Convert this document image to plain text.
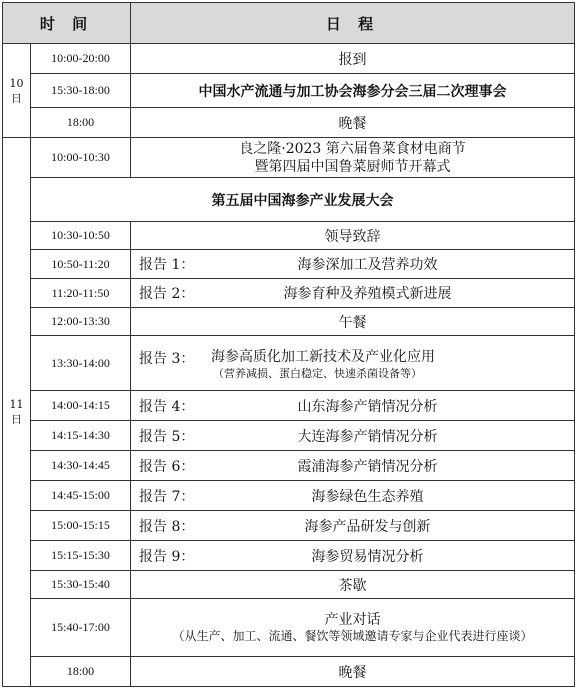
时 间		日 程
10
日	10:00-20:00	报到
	15:30-18:00	中国水产流通与加工协会海参分会三届二次理事会
	18:00	晚餐
11
日	10:00-10:30	良之隆·2023 第六届鲁菜食材电商节
暨第四届中国鲁菜厨师节开幕式

	第五届中国海参产业发展大会	
	10:30-10:50	领导致辞
	10:50-11:20	报告 1： 海参深加工及营养功效

	11:20-11:50	报告 2： 海参育种及养殖模式新进展

	12:00-13:30	午餐
	13:30-14:00	报告 3： 海参高质化加工新技术及产业化应用
（营养减损、蛋白稳定、快速杀菌设备等）

	14:00-14:15	报告 4： 山东海参产销情况分析

	14:15-14:30	报告 5： 大连海参产销情况分析

	14:30-14:45	报告 6： 霞浦海参产销情况分析

	14:45-15:00	报告 7： 海参绿色生态养殖

	15:00-15:15	报告 8： 海参产品研发与创新

	15:15-15:30	报告 9： 海参贸易情况分析

	15:30-15:40	茶歇
	15:40-17:00	产业对话
（从生产、加工、流通、餐饮等领域邀请专家与企业代表进行座谈）

	18:00	晚餐
